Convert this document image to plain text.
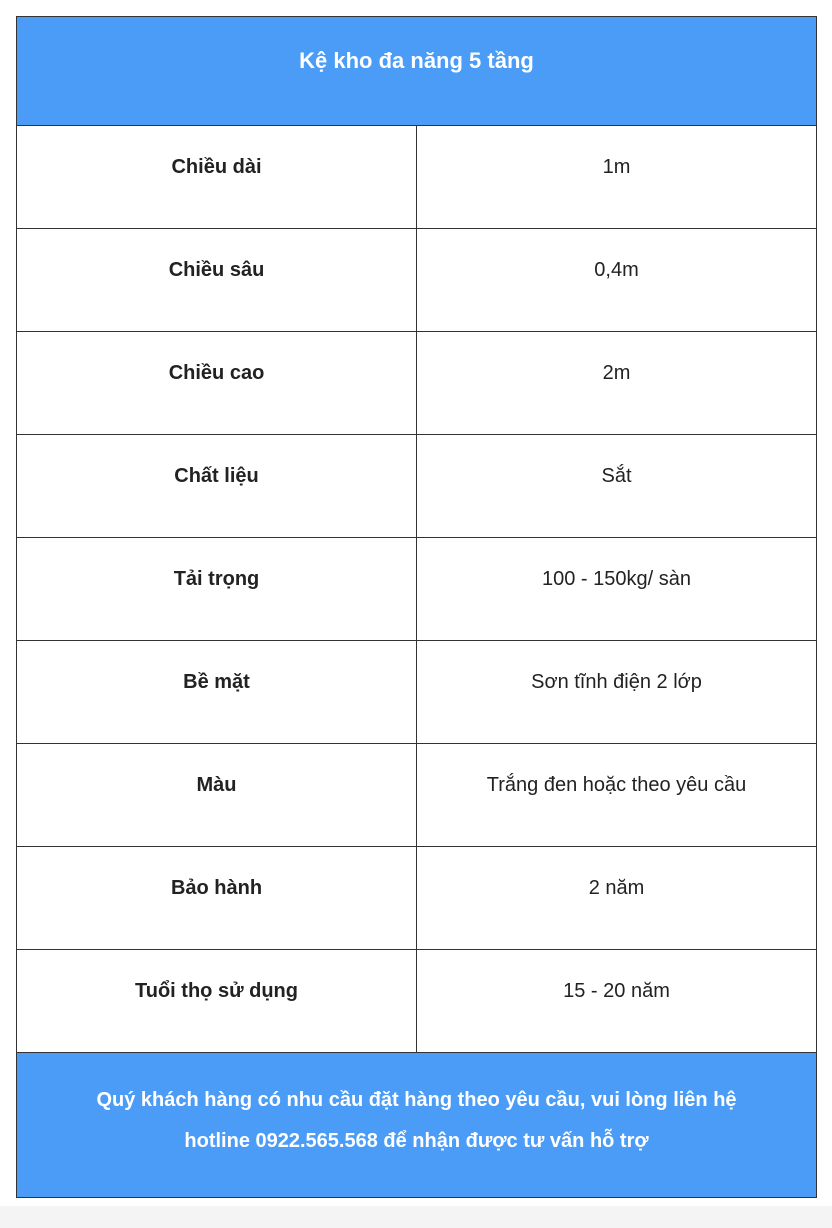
Kệ kho đa năng 5 tầng	
Chiều dài	1m
Chiều sâu	0,4m
Chiều cao	2m
Chất liệu	Sắt
Tải trọng	100 - 150kg/ sàn
Bề mặt	Sơn tĩnh điện 2 lớp
Màu	Trắng đen hoặc theo yêu cầu
Bảo hành	2 năm
Tuổi thọ sử dụng	15 - 20 năm

Quý khách hàng có nhu cầu đặt hàng theo yêu cầu, vui lòng liên hệ
hotline 0922.565.568 để nhận được tư vấn hỗ trợ	
